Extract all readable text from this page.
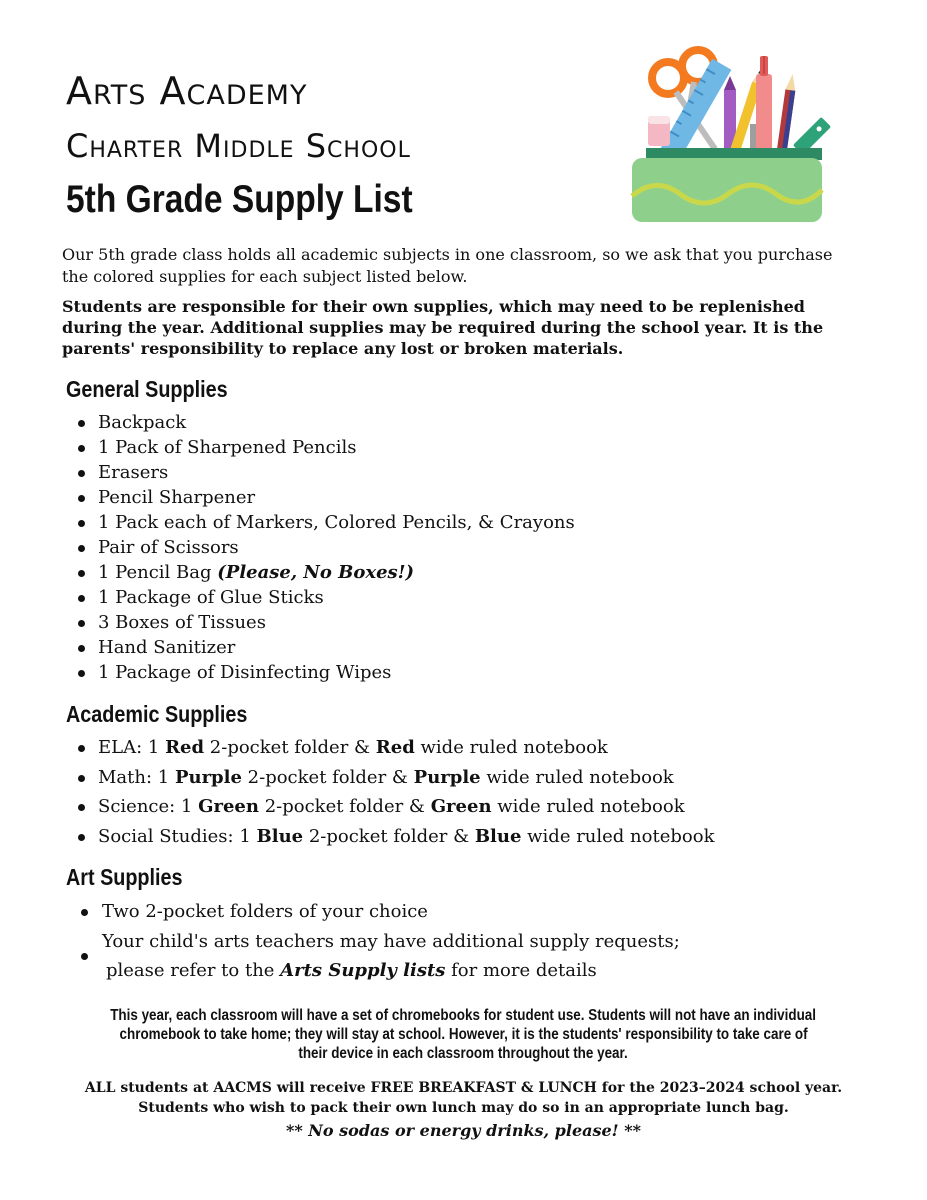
Arts Academy
Charter Middle School
5th Grade Supply List

Our 5th grade class holds all academic subjects in one classroom, so we ask that you purchase the colored supplies for each subject listed below.

Students are responsible for their own supplies, which may need to be replenished during the year. Additional supplies may be required during the school year. It is the parents' responsibility to replace any lost or broken materials.

General Supplies
Backpack
1 Pack of Sharpened Pencils
Erasers
Pencil Sharpener
1 Pack each of Markers, Colored Pencils, & Crayons
Pair of Scissors
1 Pencil Bag (Please, No Boxes!)
1 Package of Glue Sticks
3 Boxes of Tissues
Hand Sanitizer
1 Package of Disinfecting Wipes
Academic Supplies
ELA: 1 Red 2-pocket folder & Red wide ruled notebook
Math: 1 Purple 2-pocket folder & Purple wide ruled notebook
Science: 1 Green 2-pocket folder & Green wide ruled notebook
Social Studies: 1 Blue 2-pocket folder & Blue wide ruled notebook
Art Supplies
Two 2-pocket folders of your choice
Your child's arts teachers may have additional supply requests;
please refer to the Arts Supply lists for more details

This year, each classroom will have a set of chromebooks for student use. Students will not have an individual
chromebook to take home; they will stay at school. However, it is the students' responsibility to take care of
their device in each classroom throughout the year.

ALL students at AACMS will receive FREE BREAKFAST & LUNCH for the 2023–2024 school year.
Students who wish to pack their own lunch may do so in an appropriate lunch bag.

** No sodas or energy drinks, please! **
